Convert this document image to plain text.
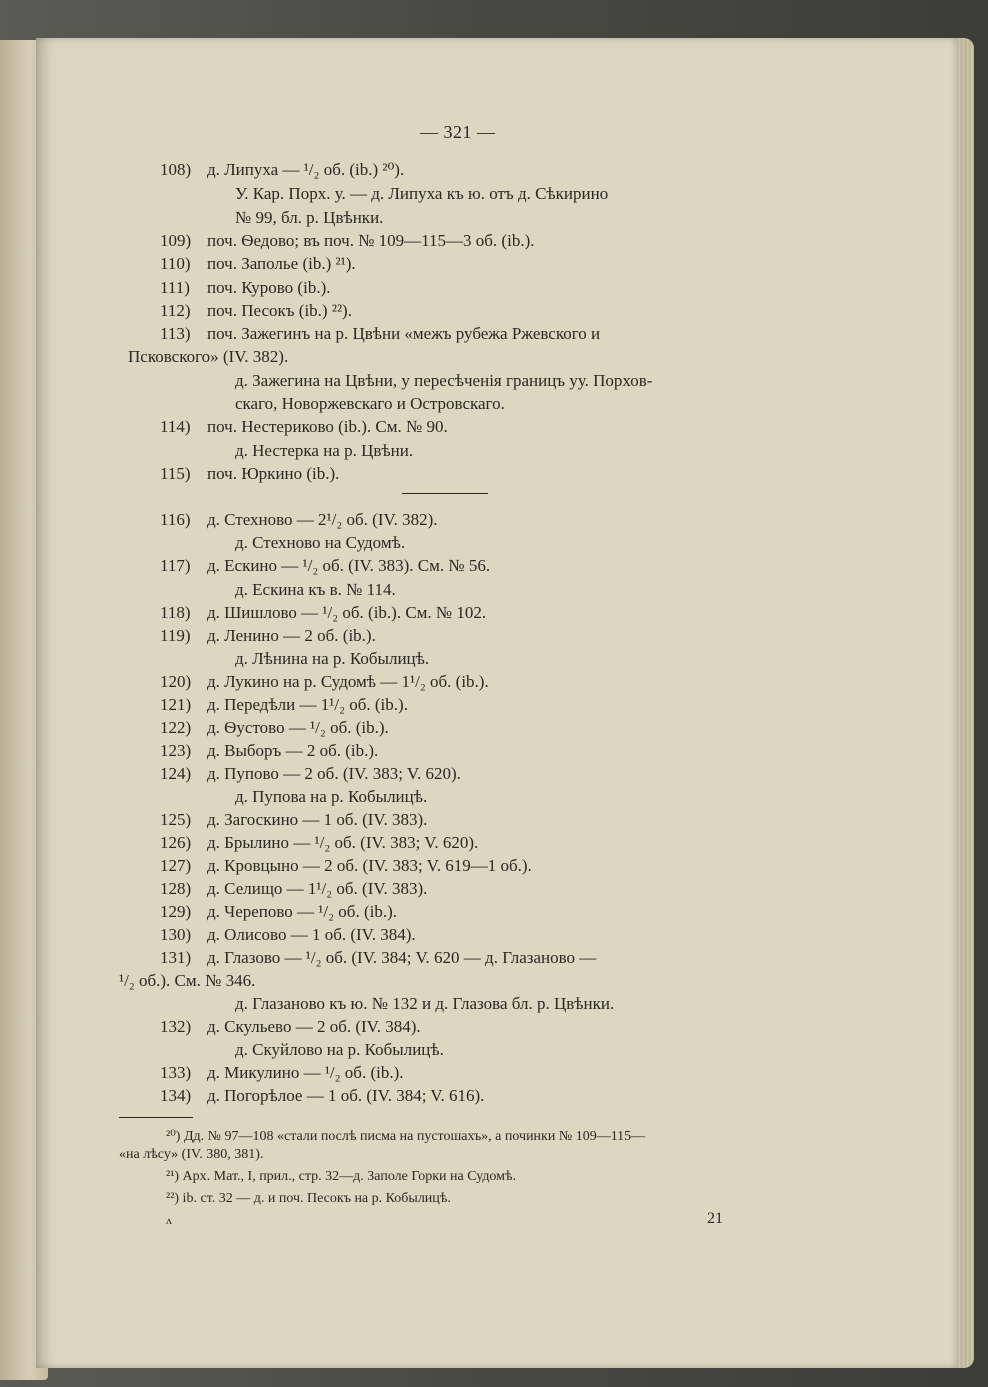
— 321 —
108) д. Липуха — ¹/₂ об. (ib.) ²⁰).
У. Кар. Порх. у. — д. Липуха къ ю. отъ д. Сѣкирино
№ 99, бл. р. Цвѣнки.
109) поч. Ѳедово; въ поч. № 109—115—3 об. (ib.).
110) поч. Заполье (ib.) ²¹).
111) поч. Курово (ib.).
112) поч. Песокъ (ib.) ²²).
113) поч. Зажегинъ на р. Цвѣни «межъ рубежа Ржевского и
Псковского» (IV. 382).
д. Зажегина на Цвѣни, у пересѣченія границъ уу. Порхов-
скаго, Новоржевскаго и Островскаго.
114) поч. Нестериково (ib.). См. № 90.
д. Нестерка на р. Цвѣни.
115) поч. Юркино (ib.).
116) д. Стехново — 2¹/₂ об. (IV. 382).
д. Стехново на Судомѣ.
117) д. Ескино — ¹/₂ об. (IV. 383). См. № 56.
д. Ескина къ в. № 114.
118) д. Шишлово — ¹/₂ об. (ib.). См. № 102.
119) д. Ленино — 2 об. (ib.).
д. Лѣнина на р. Кобылицѣ.
120) д. Лукино на р. Судомѣ — 1¹/₂ об. (ib.).
121) д. Передѣли — 1¹/₂ об. (ib.).
122) д. Ѳустово — ¹/₂ об. (ib.).
123) д. Выборъ — 2 об. (ib.).
124) д. Пупово — 2 об. (IV. 383; V. 620).
д. Пупова на р. Кобылицѣ.
125) д. Загоскино — 1 об. (IV. 383).
126) д. Брылино — ¹/₂ об. (IV. 383; V. 620).
127) д. Кровцыно — 2 об. (IV. 383; V. 619—1 об.).
128) д. Селищо — 1¹/₂ об. (IV. 383).
129) д. Черепово — ¹/₂ об. (ib.).
130) д. Олисово — 1 об. (IV. 384).
131) д. Глазово — ¹/₂ об. (IV. 384; V. 620 — д. Глазаново —
¹/₂ об.). См. № 346.
д. Глазаново къ ю. № 132 и д. Глазова бл. р. Цвѣнки.
132) д. Скульево — 2 об. (IV. 384).
д. Скуйлово на р. Кобылицѣ.
133) д. Микулино — ¹/₂ об. (ib.).
134) д. Погорѣлое — 1 об. (IV. 384; V. 616).
²⁰) Дд. № 97—108 «стали послѣ писма на пустошахъ», а починки № 109—115—
«на лѣсу» (IV. 380, 381).
²¹) Арх. Мат., I, прил., стр. 32—д. Заполе Горки на Судомѣ.
²²) ib. ст. 32 — д. и поч. Песокъ на р. Кобылицѣ.
ʌ	21
